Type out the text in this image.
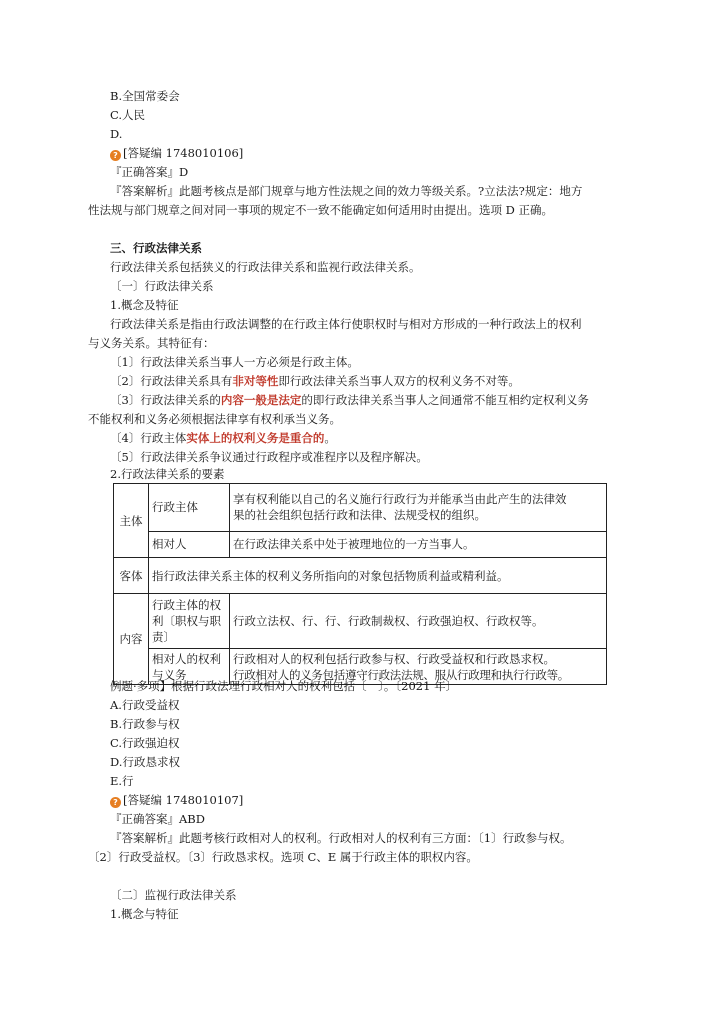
B.全国常委会
C.人民
D.
? [答疑编 1748010106]
『正确答案』D
『答案解析』此题考核点是部门规章与地方性法规之间的效力等级关系。?立法法?规定：地方
性法规与部门规章之间对同一事项的规定不一致不能确定如何适用时由提出。选项 D 正确。
三、行政法律关系
行政法律关系包括狭义的行政法律关系和监视行政法律关系。
〔一〕行政法律关系
1.概念及特征
行政法律关系是指由行政法调整的在行政主体行使职权时与相对方形成的一种行政法上的权利
与义务关系。其特征有：
〔1〕行政法律关系当事人一方必须是行政主体。
〔2〕行政法律关系具有非对等性即行政法律关系当事人双方的权利义务不对等。
〔3〕行政法律关系的内容一般是法定的即行政法律关系当事人之间通常不能互相约定权利义务
不能权利和义务必须根据法律享有权利承当义务。
〔4〕行政主体实体上的权利义务是重合的。
〔5〕行政法律关系争议通过行政程序或准程序以及程序解决。
2.行政法律关系的要素
主体	行政主体	享有权利能以自己的名义施行行政行为并能承当由此产生的法律效
果的社会组织包括行政和法律、法规受权的组织。

	相对人	在行政法律关系中处于被理地位的一方当事人。
客体	指行政法律关系主体的权利义务所指向的对象包括物质利益或精利益。	
内容	行政主体的权利〔职权与职责〕	行政立法权、行、行、行政制裁权、行政强迫权、行政权等。
	相对人的权利与义务	行政相对人的权利包括行政参与权、行政受益权和行政恳求权。
行政相对人的义务包括遵守行政法法规、服从行政理和执行行政等。
例题·多项】根据行政法理行政相对人的权利包括〔　〕。〔2021 年〕
A.行政受益权
B.行政参与权
C.行政强迫权
D.行政恳求权
E.行
? [答疑编 1748010107]
『正确答案』ABD
『答案解析』此题考核行政相对人的权利。行政相对人的权利有三方面：〔1〕行政参与权。
〔2〕行政受益权。〔3〕行政恳求权。选项 C、E 属于行政主体的职权内容。
〔二〕监视行政法律关系
1.概念与特征
